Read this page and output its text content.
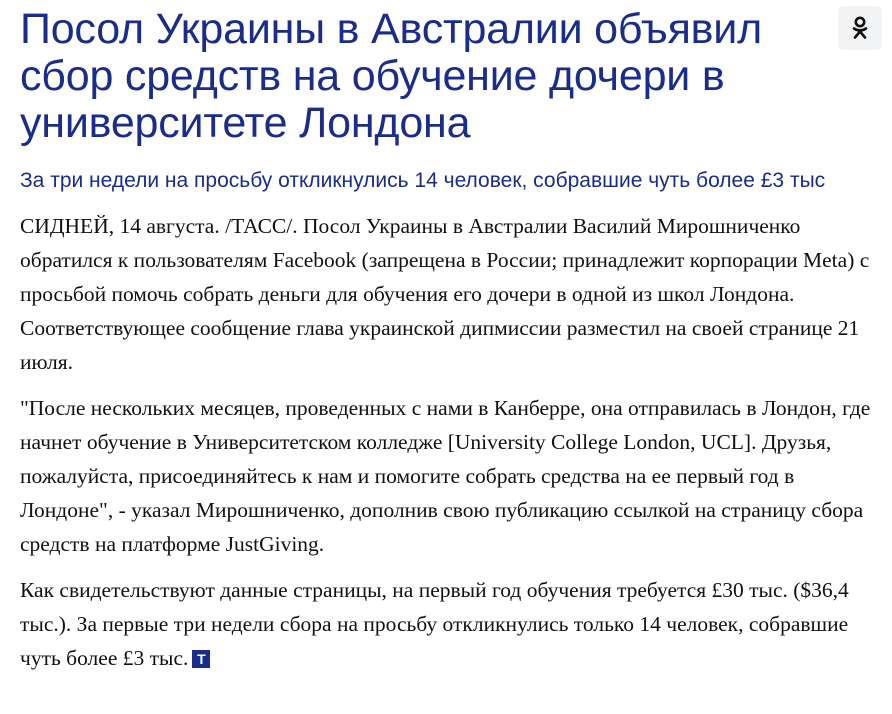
Посол Украины в Австралии объявил сбор средств на обучение дочери в университете Лондона
За три недели на просьбу откликнулись 14 человек, собравшие чуть более £3 тыс

СИДНЕЙ, 14 августа. /ТАСС/. Посол Украины в Австралии Василий Мирошниченко обратился к пользователям Facebook (запрещена в России; принадлежит корпорации Meta) с просьбой помочь собрать деньги для обучения его дочери в одной из школ Лондона. Соответствующее сообщение глава украинской дипмиссии разместил на своей странице 21 июля.

"После нескольких месяцев, проведенных с нами в Канберре, она отправилась в Лондон, где начнет обучение в Университетском колледже [University College London, UCL]. Друзья, пожалуйста, присоединяйтесь к нам и помогите собрать средства на ее первый год в Лондоне", - указал Мирошниченко, дополнив свою публикацию ссылкой на страницу сбора средств на платформе JustGiving.

Как свидетельствуют данные страницы, на первый год обучения требуется £30 тыс. ($36,4 тыс.). За первые три недели сбора на просьбу откликнулись только 14 человек, собравшие чуть более £3 тыс. Т
